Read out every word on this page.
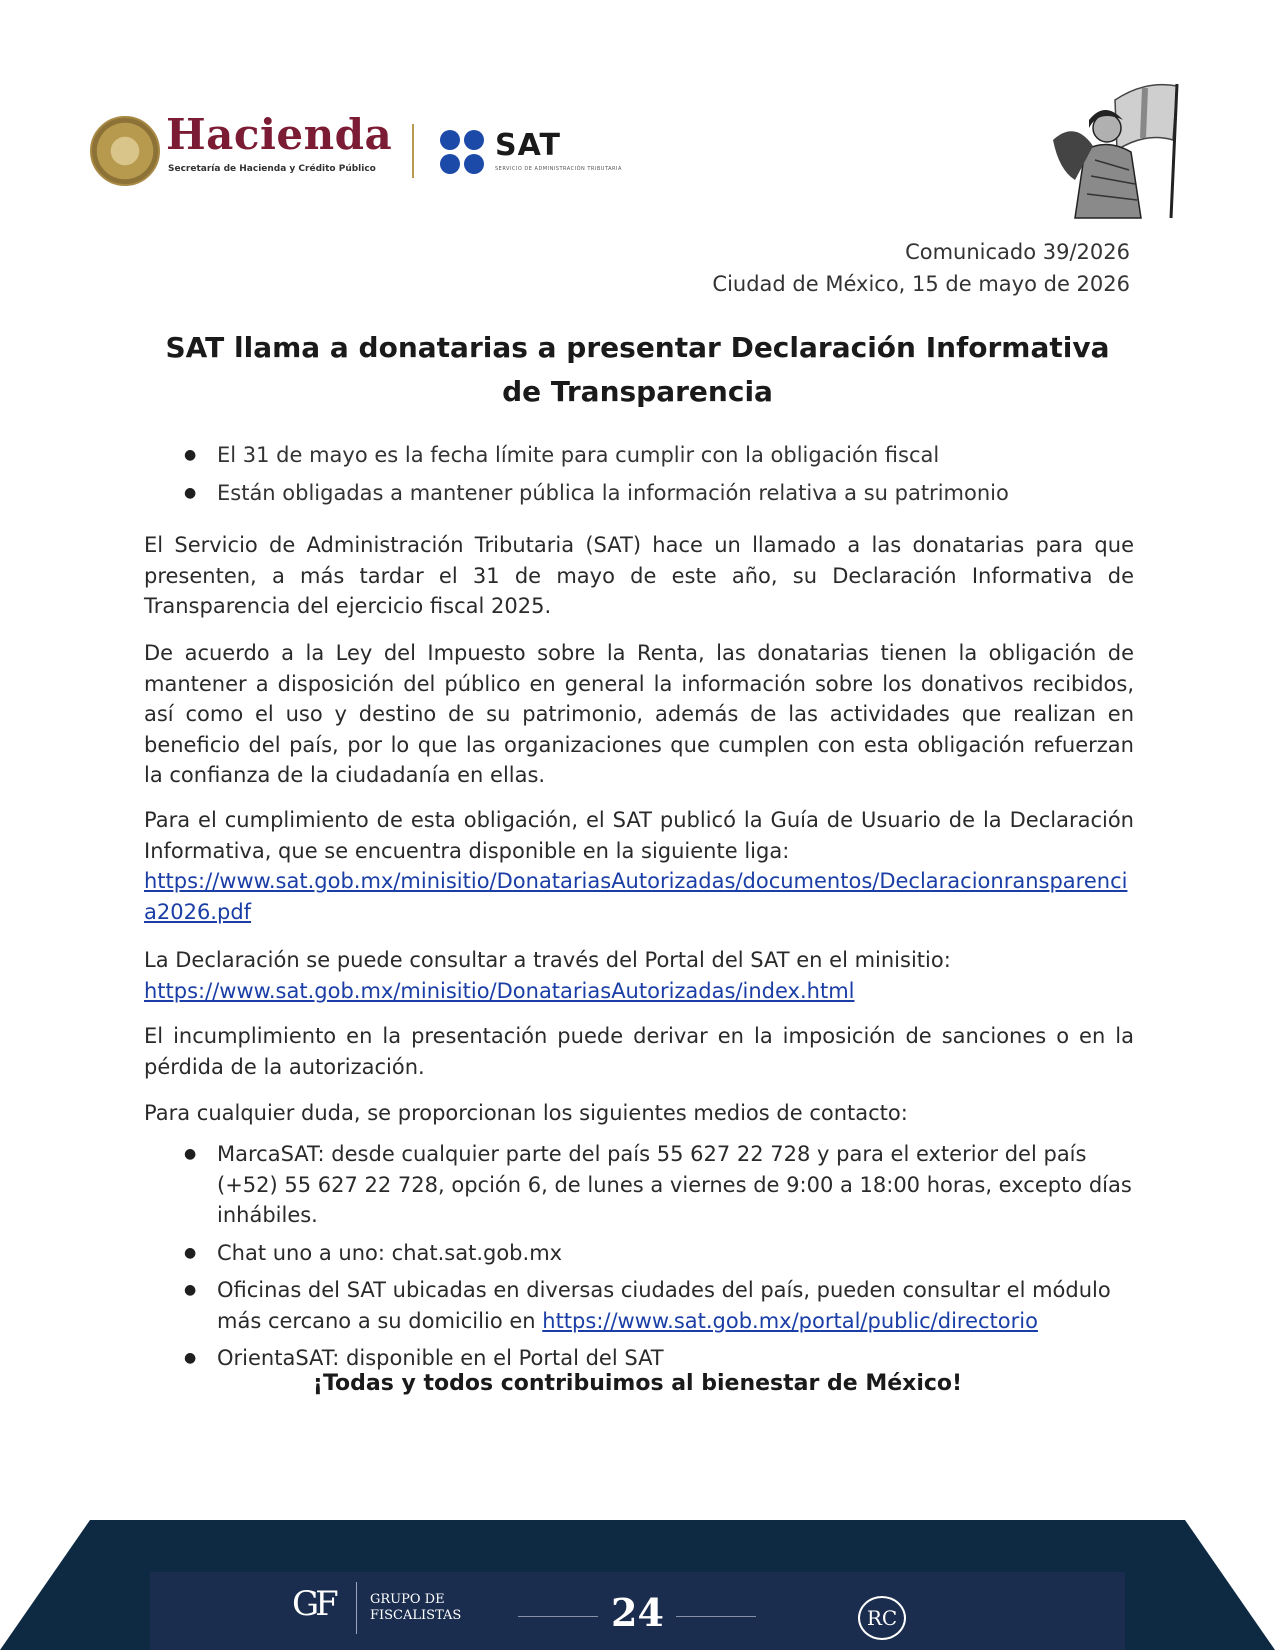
Hacienda
Secretaría de Hacienda y Crédito Público
SAT
SERVICIO DE ADMINISTRACIÓN TRIBUTARIA
Comunicado 39/2026
Ciudad de México, 15 de mayo de 2026
SAT llama a donatarias a presentar Declaración Informativa
de Transparencia
● El 31 de mayo es la fecha límite para cumplir con la obligación fiscal
● Están obligadas a mantener pública la información relativa a su patrimonio

El Servicio de Administración Tributaria (SAT) hace un llamado a las donatarias para que presenten, a más tardar el 31 de mayo de este año, su Declaración Informativa de Transparencia del ejercicio fiscal 2025.

De acuerdo a la Ley del Impuesto sobre la Renta, las donatarias tienen la obligación de mantener a disposición del público en general la información sobre los donativos recibidos, así como el uso y destino de su patrimonio, además de las actividades que realizan en beneficio del país, por lo que las organizaciones que cumplen con esta obligación refuerzan la confianza de la ciudadanía en ellas.

Para el cumplimiento de esta obligación, el SAT publicó la Guía de Usuario de la Declaración Informativa, que se encuentra disponible en la siguiente liga:
https://www.sat.gob.mx/minisitio/DonatariasAutorizadas/documentos/Declaracionransparencia2026.pdf
La Declaración se puede consultar a través del Portal del SAT en el minisitio:
https://www.sat.gob.mx/minisitio/DonatariasAutorizadas/index.html

El incumplimiento en la presentación puede derivar en la imposición de sanciones o en la pérdida de la autorización.

Para cualquier duda, se proporcionan los siguientes medios de contacto:

● MarcaSAT: desde cualquier parte del país 55 627 22 728 y para el exterior del país (+52) 55 627 22 728, opción 6, de lunes a viernes de 9:00 a 18:00 horas, excepto días inhábiles.
● Chat uno a uno: chat.sat.gob.mx
● Oficinas del SAT ubicadas en diversas ciudades del país, pueden consultar el módulo más cercano a su domicilio en https://www.sat.gob.mx/portal/public/directorio
● OrientaSAT: disponible en el Portal del SAT
¡Todas y todos contribuimos al bienestar de México!
GF	GRUPO DE
FISCALISTAS	24	RC
